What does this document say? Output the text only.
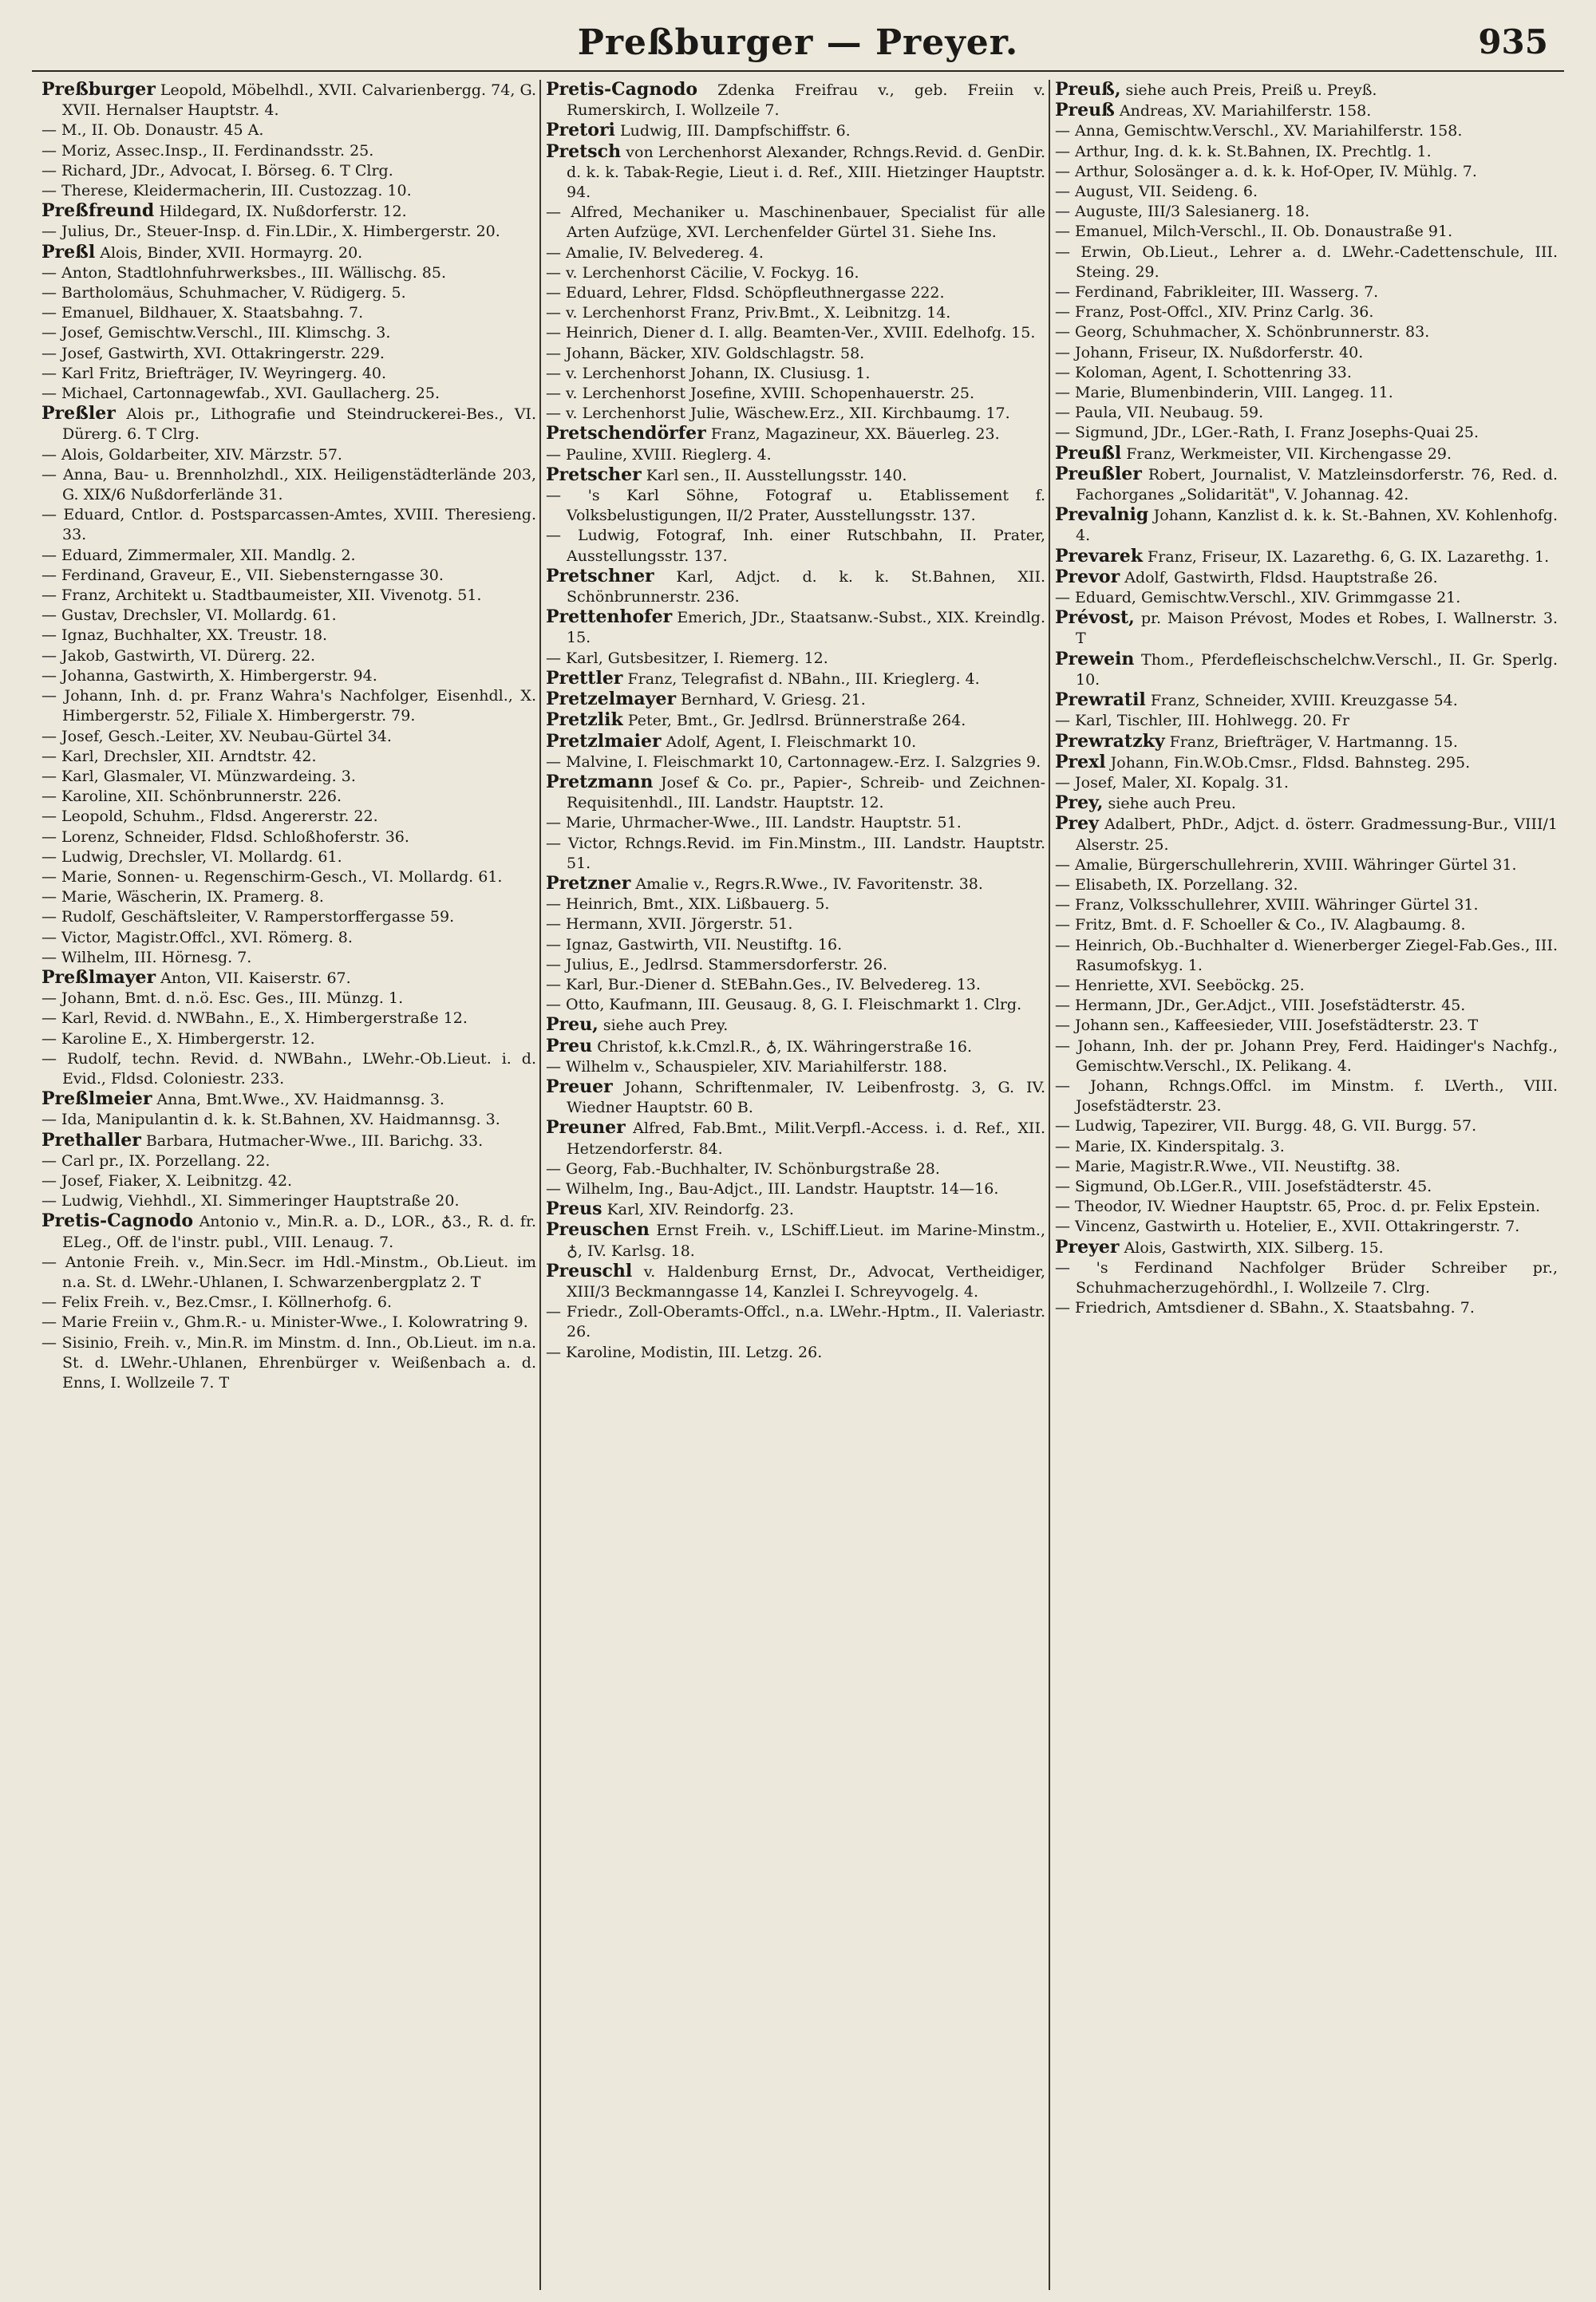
Preßburger — Preyer.	935

Preßburger Leopold, Möbelhdl., XVII. Calvarienbergg. 74, G. XVII. Hernalser Hauptstr. 4.

— M., II. Ob. Donaustr. 45 A.

— Moriz, Assec.Insp., II. Ferdinandsstr. 25.

— Richard, JDr., Advocat, I. Börseg. 6. T Clrg.

— Therese, Kleidermacherin, III. Custozzag. 10.

Preßfreund Hildegard, IX. Nußdorferstr. 12.

— Julius, Dr., Steuer-Insp. d. Fin.LDir., X. Himbergerstr. 20.

Preßl Alois, Binder, XVII. Hormayrg. 20.

— Anton, Stadtlohnfuhrwerksbes., III. Wällischg. 85.

— Bartholomäus, Schuhmacher, V. Rüdigerg. 5.

— Emanuel, Bildhauer, X. Staatsbahng. 7.

— Josef, Gemischtw.Verschl., III. Klimschg. 3.

— Josef, Gastwirth, XVI. Ottakringerstr. 229.

— Karl Fritz, Briefträger, IV. Weyringerg. 40.

— Michael, Cartonnagewfab., XVI. Gaullacherg. 25.

Preßler Alois pr., Lithografie und Steindruckerei-Bes., VI. Dürerg. 6. T Clrg.

— Alois, Goldarbeiter, XIV. Märzstr. 57.

— Anna, Bau- u. Brennholzhdl., XIX. Heiligenstädterlände 203, G. XIX/6 Nußdorferlände 31.

— Eduard, Cntlor. d. Postsparcassen-Amtes, XVIII. Theresieng. 33.

— Eduard, Zimmermaler, XII. Mandlg. 2.

— Ferdinand, Graveur, E., VII. Siebensterngasse 30.

— Franz, Architekt u. Stadtbaumeister, XII. Vivenotg. 51.

— Gustav, Drechsler, VI. Mollardg. 61.

— Ignaz, Buchhalter, XX. Treustr. 18.

— Jakob, Gastwirth, VI. Dürerg. 22.

— Johanna, Gastwirth, X. Himbergerstr. 94.

— Johann, Inh. d. pr. Franz Wahra's Nachfolger, Eisenhdl., X. Himbergerstr. 52, Filiale X. Himbergerstr. 79.

— Josef, Gesch.-Leiter, XV. Neubau-Gürtel 34.

— Karl, Drechsler, XII. Arndtstr. 42.

— Karl, Glasmaler, VI. Münzwardeing. 3.

— Karoline, XII. Schönbrunnerstr. 226.

— Leopold, Schuhm., Fldsd. Angererstr. 22.

— Lorenz, Schneider, Fldsd. Schloßhoferstr. 36.

— Ludwig, Drechsler, VI. Mollardg. 61.

— Marie, Sonnen- u. Regenschirm-Gesch., VI. Mollardg. 61.

— Marie, Wäscherin, IX. Pramerg. 8.

— Rudolf, Geschäftsleiter, V. Ramperstorffergasse 59.

— Victor, Magistr.Offcl., XVI. Römerg. 8.

— Wilhelm, III. Hörnesg. 7.

Preßlmayer Anton, VII. Kaiserstr. 67.

— Johann, Bmt. d. n.ö. Esc. Ges., III. Münzg. 1.

— Karl, Revid. d. NWBahn., E., X. Himbergerstraße 12.

— Karoline E., X. Himbergerstr. 12.

— Rudolf, techn. Revid. d. NWBahn., LWehr.-Ob.Lieut. i. d. Evid., Fldsd. Coloniestr. 233.

Preßlmeier Anna, Bmt.Wwe., XV. Haidmannsg. 3.

— Ida, Manipulantin d. k. k. St.Bahnen, XV. Haidmannsg. 3.

Prethaller Barbara, Hutmacher-Wwe., III. Barichg. 33.

— Carl pr., IX. Porzellang. 22.

— Josef, Fiaker, X. Leibnitzg. 42.

— Ludwig, Viehhdl., XI. Simmeringer Hauptstraße 20.

Pretis-Cagnodo Antonio v., Min.R. a. D., LOR., ♁3., R. d. fr. ELeg., Off. de l'instr. publ., VIII. Lenaug. 7.

— Antonie Freih. v., Min.Secr. im Hdl.-Minstm., Ob.Lieut. im n.a. St. d. LWehr.-Uhlanen, I. Schwarzenbergplatz 2. T

— Felix Freih. v., Bez.Cmsr., I. Köllnerhofg. 6.

— Marie Freiin v., Ghm.R.- u. Minister-Wwe., I. Kolowratring 9.

— Sisinio, Freih. v., Min.R. im Minstm. d. Inn., Ob.Lieut. im n.a. St. d. LWehr.-Uhlanen, Ehrenbürger v. Weißenbach a. d. Enns, I. Wollzeile 7. T

Pretis-Cagnodo Zdenka Freifrau v., geb. Freiin v. Rumerskirch, I. Wollzeile 7.

Pretori Ludwig, III. Dampfschiffstr. 6.

Pretsch von Lerchenhorst Alexander, Rchngs.Revid. d. GenDir. d. k. k. Tabak-Regie, Lieut i. d. Ref., XIII. Hietzinger Hauptstr. 94.

— Alfred, Mechaniker u. Maschinenbauer, Specialist für alle Arten Aufzüge, XVI. Lerchenfelder Gürtel 31. Siehe Ins.

— Amalie, IV. Belvedereg. 4.

— v. Lerchenhorst Cäcilie, V. Fockyg. 16.

— Eduard, Lehrer, Fldsd. Schöpfleuthnergasse 222.

— v. Lerchenhorst Franz, Priv.Bmt., X. Leibnitzg. 14.

— Heinrich, Diener d. I. allg. Beamten-Ver., XVIII. Edelhofg. 15.

— Johann, Bäcker, XIV. Goldschlagstr. 58.

— v. Lerchenhorst Johann, IX. Clusiusg. 1.

— v. Lerchenhorst Josefine, XVIII. Schopenhauerstr. 25.

— v. Lerchenhorst Julie, Wäschew.Erz., XII. Kirchbaumg. 17.

Pretschendörfer Franz, Magazineur, XX. Bäuerleg. 23.

— Pauline, XVIII. Rieglerg. 4.

Pretscher Karl sen., II. Ausstellungsstr. 140.

— 's Karl Söhne, Fotograf u. Etablissement f. Volksbelustigungen, II/2 Prater, Ausstellungsstr. 137.

— Ludwig, Fotograf, Inh. einer Rutschbahn, II. Prater, Ausstellungsstr. 137.

Pretschner Karl, Adjct. d. k. k. St.Bahnen, XII. Schönbrunnerstr. 236.

Prettenhofer Emerich, JDr., Staatsanw.-Subst., XIX. Kreindlg. 15.

— Karl, Gutsbesitzer, I. Riemerg. 12.

Prettler Franz, Telegrafist d. NBahn., III. Krieglerg. 4.

Pretzelmayer Bernhard, V. Griesg. 21.

Pretzlik Peter, Bmt., Gr. Jedlrsd. Brünnerstraße 264.

Pretzlmaier Adolf, Agent, I. Fleischmarkt 10.

— Malvine, I. Fleischmarkt 10, Cartonnagew.-Erz. I. Salzgries 9.

Pretzmann Josef & Co. pr., Papier-, Schreib- und Zeichnen-Requisitenhdl., III. Landstr. Hauptstr. 12.

— Marie, Uhrmacher-Wwe., III. Landstr. Hauptstr. 51.

— Victor, Rchngs.Revid. im Fin.Minstm., III. Landstr. Hauptstr. 51.

Pretzner Amalie v., Regrs.R.Wwe., IV. Favoritenstr. 38.

— Heinrich, Bmt., XIX. Lißbauerg. 5.

— Hermann, XVII. Jörgerstr. 51.

— Ignaz, Gastwirth, VII. Neustiftg. 16.

— Julius, E., Jedlrsd. Stammersdorferstr. 26.

— Karl, Bur.-Diener d. StEBahn.Ges., IV. Belvedereg. 13.

— Otto, Kaufmann, III. Geusaug. 8, G. I. Fleischmarkt 1. Clrg.

Preu, siehe auch Prey.

Preu Christof, k.k.Cmzl.R., ♁, IX. Währingerstraße 16.

— Wilhelm v., Schauspieler, XIV. Mariahilferstr. 188.

Preuer Johann, Schriftenmaler, IV. Leibenfrostg. 3, G. IV. Wiedner Hauptstr. 60 B.

Preuner Alfred, Fab.Bmt., Milit.Verpfl.-Access. i. d. Ref., XII. Hetzendorferstr. 84.

— Georg, Fab.-Buchhalter, IV. Schönburgstraße 28.

— Wilhelm, Ing., Bau-Adjct., III. Landstr. Hauptstr. 14—16.

Preus Karl, XIV. Reindorfg. 23.

Preuschen Ernst Freih. v., LSchiff.Lieut. im Marine-Minstm., ♁, IV. Karlsg. 18.

Preuschl v. Haldenburg Ernst, Dr., Advocat, Vertheidiger, XIII/3 Beckmanngasse 14, Kanzlei I. Schreyvogelg. 4.

— Friedr., Zoll-Oberamts-Offcl., n.a. LWehr.-Hptm., II. Valeriastr. 26.

— Karoline, Modistin, III. Letzg. 26.

Preuß, siehe auch Preis, Preiß u. Preyß.

Preuß Andreas, XV. Mariahilferstr. 158.

— Anna, Gemischtw.Verschl., XV. Mariahilferstr. 158.

— Arthur, Ing. d. k. k. St.Bahnen, IX. Prechtlg. 1.

— Arthur, Solosänger a. d. k. k. Hof-Oper, IV. Mühlg. 7.

— August, VII. Seideng. 6.

— Auguste, III/3 Salesianerg. 18.

— Emanuel, Milch-Verschl., II. Ob. Donaustraße 91.

— Erwin, Ob.Lieut., Lehrer a. d. LWehr.-Cadettenschule, III. Steing. 29.

— Ferdinand, Fabrikleiter, III. Wasserg. 7.

— Franz, Post-Offcl., XIV. Prinz Carlg. 36.

— Georg, Schuhmacher, X. Schönbrunnerstr. 83.

— Johann, Friseur, IX. Nußdorferstr. 40.

— Koloman, Agent, I. Schottenring 33.

— Marie, Blumenbinderin, VIII. Langeg. 11.

— Paula, VII. Neubaug. 59.

— Sigmund, JDr., LGer.-Rath, I. Franz Josephs-Quai 25.

Preußl Franz, Werkmeister, VII. Kirchengasse 29.

Preußler Robert, Journalist, V. Matzleinsdorferstr. 76, Red. d. Fachorganes „Solidarität", V. Johannag. 42.

Prevalnig Johann, Kanzlist d. k. k. St.-Bahnen, XV. Kohlenhofg. 4.

Prevarek Franz, Friseur, IX. Lazarethg. 6, G. IX. Lazarethg. 1.

Prevor Adolf, Gastwirth, Fldsd. Hauptstraße 26.

— Eduard, Gemischtw.Verschl., XIV. Grimmgasse 21.

Prévost, pr. Maison Prévost, Modes et Robes, I. Wallnerstr. 3. T

Prewein Thom., Pferdefleischschelchw.Verschl., II. Gr. Sperlg. 10.

Prewratil Franz, Schneider, XVIII. Kreuzgasse 54.

— Karl, Tischler, III. Hohlwegg. 20. Fr

Prewratzky Franz, Briefträger, V. Hartmanng. 15.

Prexl Johann, Fin.W.Ob.Cmsr., Fldsd. Bahnsteg. 295.

— Josef, Maler, XI. Kopalg. 31.

Prey, siehe auch Preu.

Prey Adalbert, PhDr., Adjct. d. österr. Gradmessung-Bur., VIII/1 Alserstr. 25.

— Amalie, Bürgerschullehrerin, XVIII. Währinger Gürtel 31.

— Elisabeth, IX. Porzellang. 32.

— Franz, Volksschullehrer, XVIII. Währinger Gürtel 31.

— Fritz, Bmt. d. F. Schoeller & Co., IV. Alagbaumg. 8.

— Heinrich, Ob.-Buchhalter d. Wienerberger Ziegel-Fab.Ges., III. Rasumofskyg. 1.

— Henriette, XVI. Seeböckg. 25.

— Hermann, JDr., Ger.Adjct., VIII. Josefstädterstr. 45.

— Johann sen., Kaffeesieder, VIII. Josefstädterstr. 23. T

— Johann, Inh. der pr. Johann Prey, Ferd. Haidinger's Nachfg., Gemischtw.Verschl., IX. Pelikang. 4.

— Johann, Rchngs.Offcl. im Minstm. f. LVerth., VIII. Josefstädterstr. 23.

— Ludwig, Tapezirer, VII. Burgg. 48, G. VII. Burgg. 57.

— Marie, IX. Kinderspitalg. 3.

— Marie, Magistr.R.Wwe., VII. Neustiftg. 38.

— Sigmund, Ob.LGer.R., VIII. Josefstädterstr. 45.

— Theodor, IV. Wiedner Hauptstr. 65, Proc. d. pr. Felix Epstein.

— Vincenz, Gastwirth u. Hotelier, E., XVII. Ottakringerstr. 7.

Preyer Alois, Gastwirth, XIX. Silberg. 15.

— 's Ferdinand Nachfolger Brüder Schreiber pr., Schuhmacherzugehördhl., I. Wollzeile 7. Clrg.

— Friedrich, Amtsdiener d. SBahn., X. Staatsbahng. 7.
